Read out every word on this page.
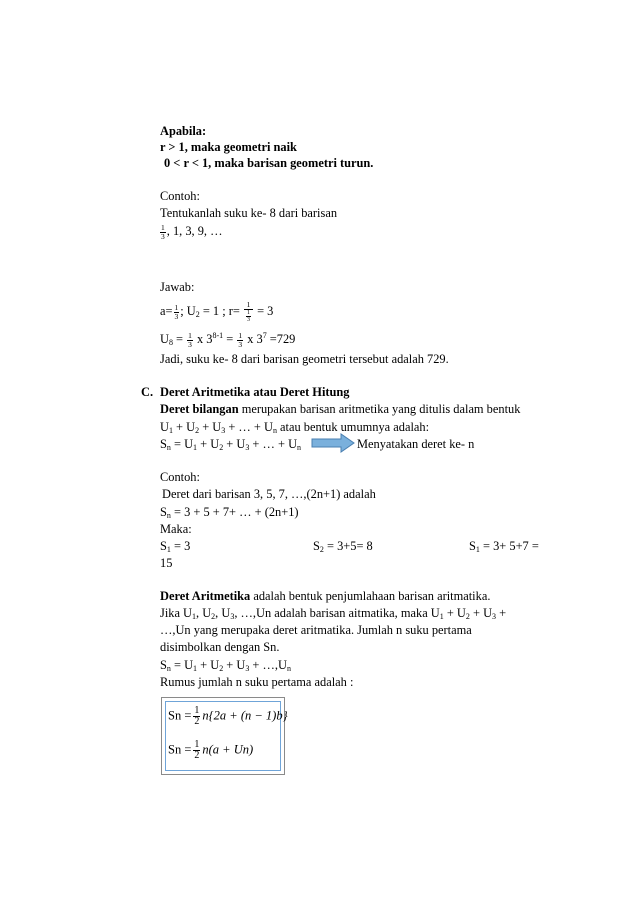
Apabila:
r > 1, maka geometri naik
0 < r < 1, maka barisan geometri turun.
Contoh:
Tentukanlah suku ke- 8 dari barisan
$\frac{1}{3}$ , 1, 3, 9, …
Jawab:
$a= \frac{1}{3}$ ; $U_2 = 1$ ; $r= \frac{1}{\frac{1}{3}} = 3$
$U_8 = \frac{1}{3}$ x $3^{8-1} = \frac{1}{3}$ x $3^7 =729$
Jadi, suku ke- 8 dari barisan geometri tersebut adalah 729.
C. Deret Aritmetika atau Deret Hitung
Deret bilangan merupakan barisan aritmetika yang ditulis dalam bentuk
$U_1 + U_2 + U_3$ + … + $U_n$ atau bentuk umumnya adalah:
$S_n = U_1 + U_2 + U_3$ + … + $U_n$	Menyatakan deret ke- n
Contoh:
Deret dari barisan 3, 5, 7, …,(2n+1) adalah
$S_n = 3 + 5 + 7+$ … + (2n+1)
Maka:
$S_1 = 3$	$S_2 = 3+5= 8$	$S_1 = 3+ 5+7$ =
15
Deret Aritmetika adalah bentuk penjumlahaan barisan aritmatika.
Jika $U_1$, $U_2$, $U_3$, …,Un adalah barisan aitmatika, maka $U_1 + U_2 + U_3$ +
…,Un yang merupaka deret aritmatika. Jumlah n suku pertama
disimbolkan dengan Sn.
$S_n = U_1 + U_2 + U_3$ + $\dots,U_n$
Rumus jumlah n suku pertama adalah :
$Sn = \frac{1}{2} n\{2a + (n - 1)b\}$
$Sn = \frac{1}{2} n(a + Un)$
